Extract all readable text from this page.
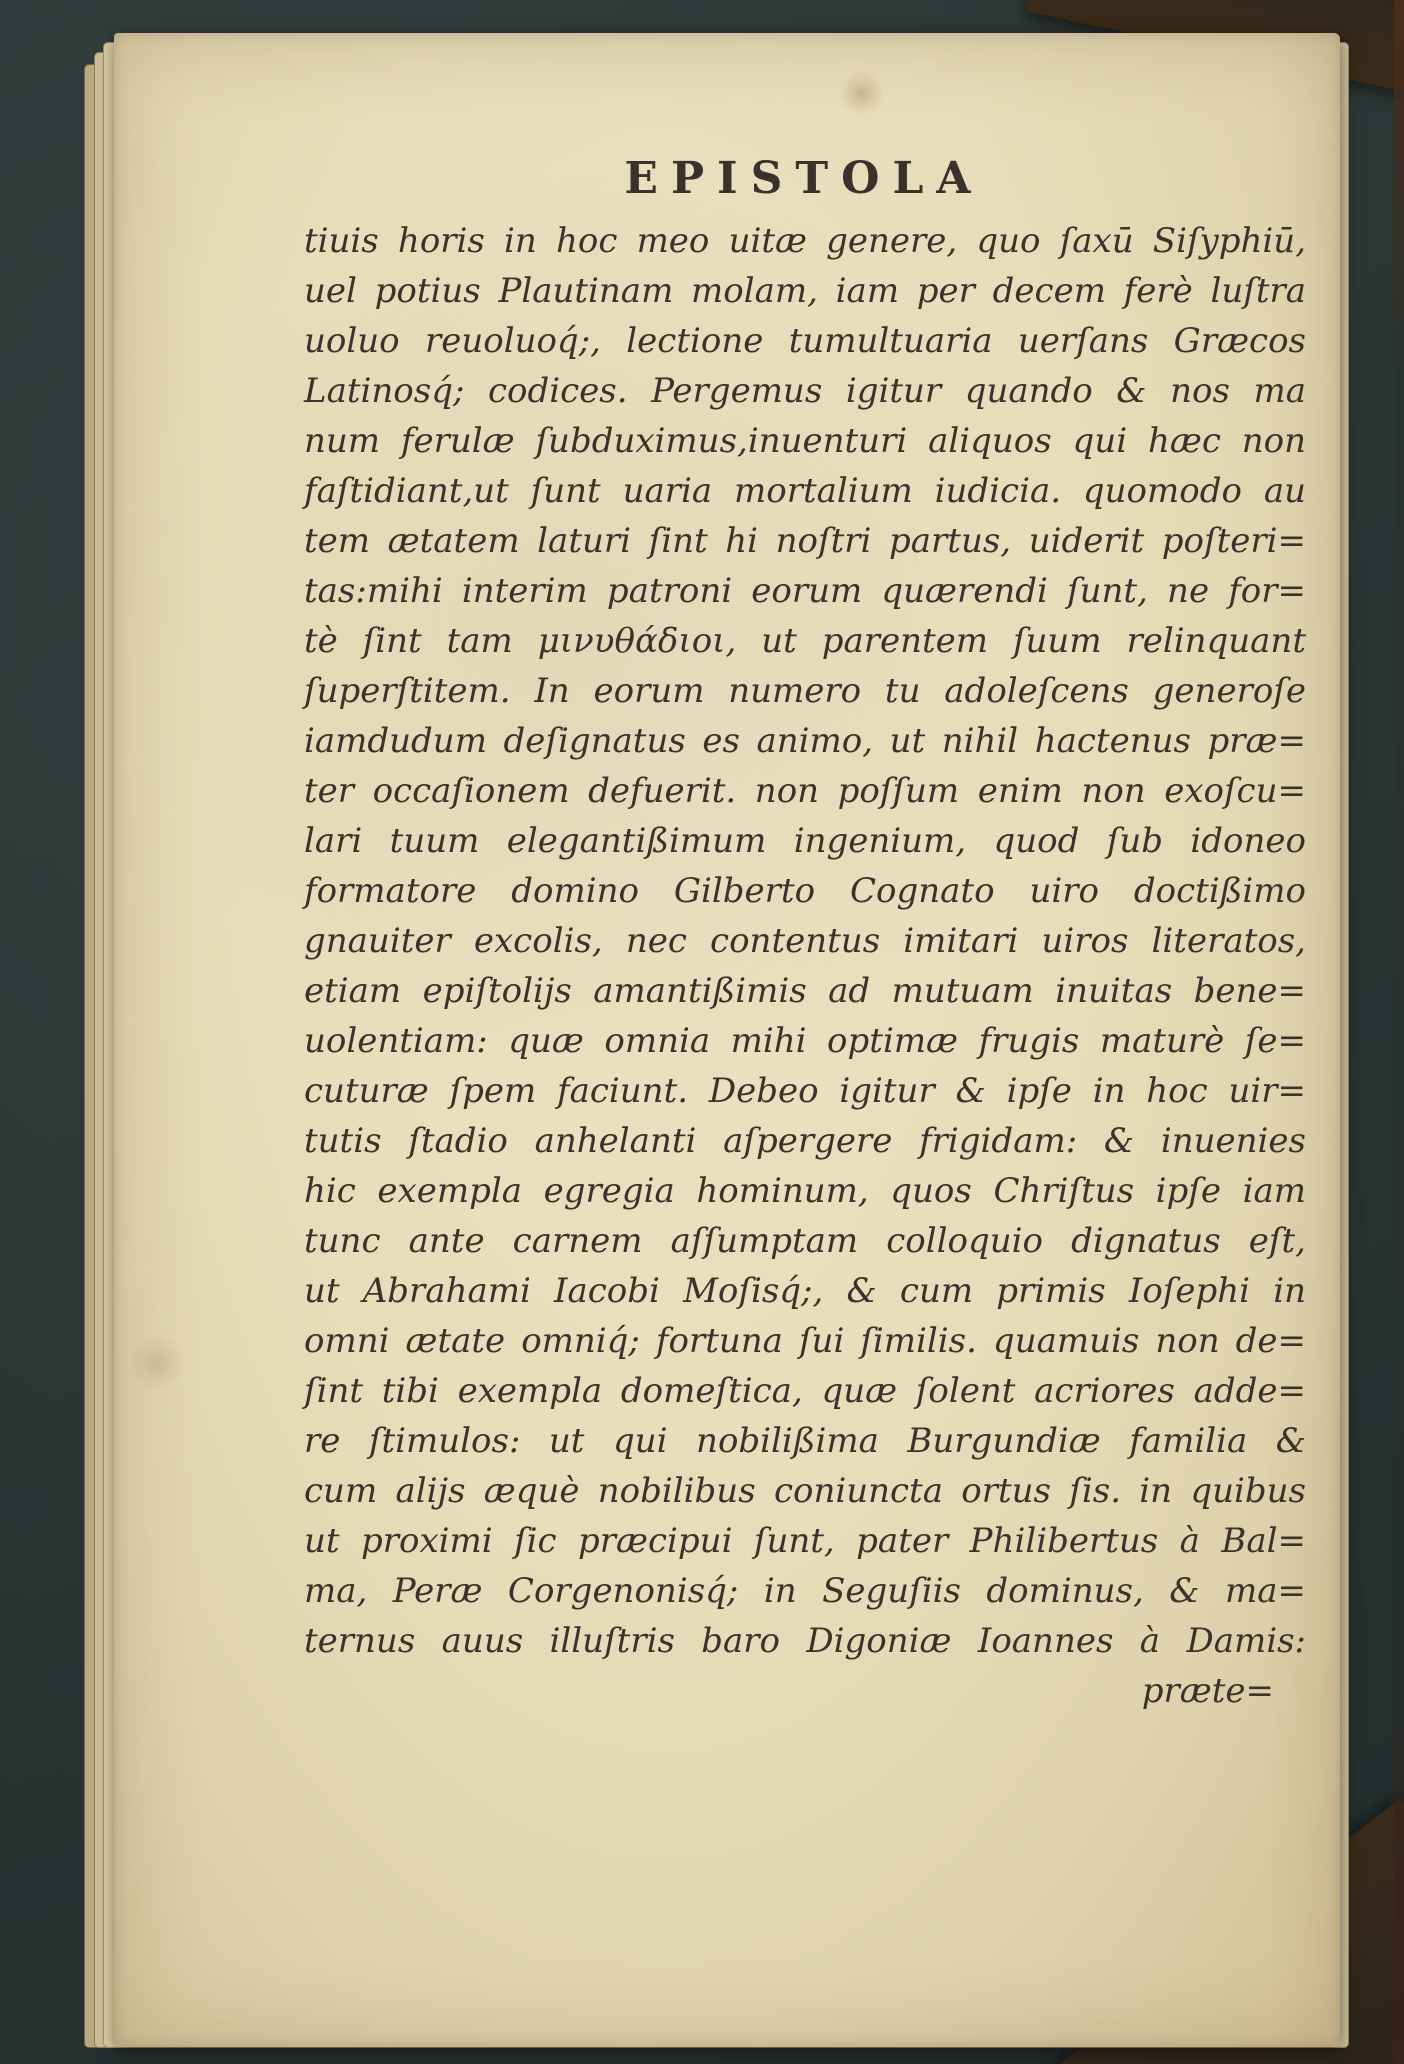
EPISTOLA
tiuis horis in hoc meo uitæ genere, quo ſaxū Siſyphiū,
uel potius Plautinam molam, iam per decem ferè luſtra
uoluo reuoluoq́;, lectione tumultuaria uerſans Græcos
Latinosq́; codices. Pergemus igitur quando & nos ma
num ferulæ ſubduximus,inuenturi aliquos qui hæc non
faſtidiant,ut ſunt uaria mortalium iudicia. quomodo au
tem ætatem laturi ſint hi noſtri partus, uiderit poſteri=
tas:mihi interim patroni eorum quærendi ſunt, ne for=
tè ſint tam μινυθάδιοι, ut parentem ſuum relinquant
ſuperſtitem. In eorum numero tu adoleſcens generoſe
iamdudum deſignatus es animo, ut nihil hactenus præ=
ter occaſionem defuerit. non poſſum enim non exoſcu=
lari tuum elegantißimum ingenium, quod ſub idoneo
formatore domino Gilberto Cognato uiro doctißimo
gnauiter excolis, nec contentus imitari uiros literatos,
etiam epiſtolijs amantißimis ad mutuam inuitas bene=
uolentiam: quæ omnia mihi optimæ frugis maturè ſe=
cuturæ ſpem faciunt. Debeo igitur & ipſe in hoc uir=
tutis ſtadio anhelanti aſpergere frigidam: & inuenies
hic exempla egregia hominum, quos Chriſtus ipſe iam
tunc ante carnem aſſumptam colloquio dignatus eſt,
ut Abrahami Iacobi Moſisq́;, & cum primis Ioſephi in
omni ætate omniq́; fortuna ſui ſimilis. quamuis non de=
ſint tibi exempla domeſtica, quæ ſolent acriores adde=
re ſtimulos: ut qui nobilißima Burgundiæ familia &
cum alijs æquè nobilibus coniuncta ortus ſis. in quibus
ut proximi ſic præcipui ſunt, pater Philibertus à Bal=
ma, Peræ Corgenonisq́; in Seguſiis dominus, & ma=
ternus auus illuſtris baro Digoniæ Ioannes à Damis:
præte=
